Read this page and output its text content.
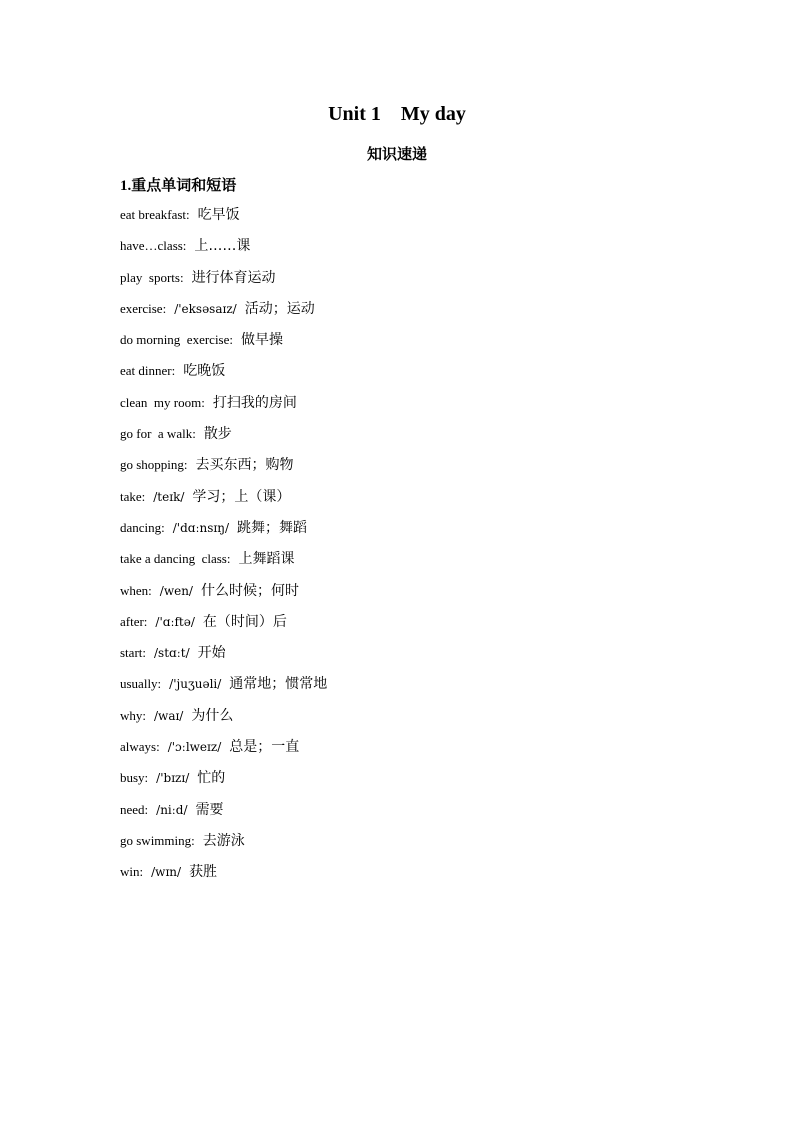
Unit 1    My day
知识速递
1.重点单词和短语
eat breakfast: 吃早饭
have…class: 上……课
play  sports: 进行体育运动
exercise: /'eksəsaɪz/ 活动；运动
do morning  exercise: 做早操
eat dinner: 吃晚饭
clean  my room: 打扫我的房间
go for  a walk: 散步
go shopping: 去买东西；购物
take: /teɪk/ 学习；上（课）
dancing: /'dɑːnsɪŋ/ 跳舞；舞蹈
take a dancing  class: 上舞蹈课
when: /wen/ 什么时候；何时
after: /'ɑːftə/ 在（时间）后
start: /stɑːt/ 开始
usually: /'juʒuəli/ 通常地；惯常地
why: /waɪ/ 为什么
always: /'ɔːlweɪz/ 总是；一直
busy: /'bɪzɪ/ 忙的
need: /niːd/ 需要
go swimming: 去游泳
win: /wɪn/ 获胜
